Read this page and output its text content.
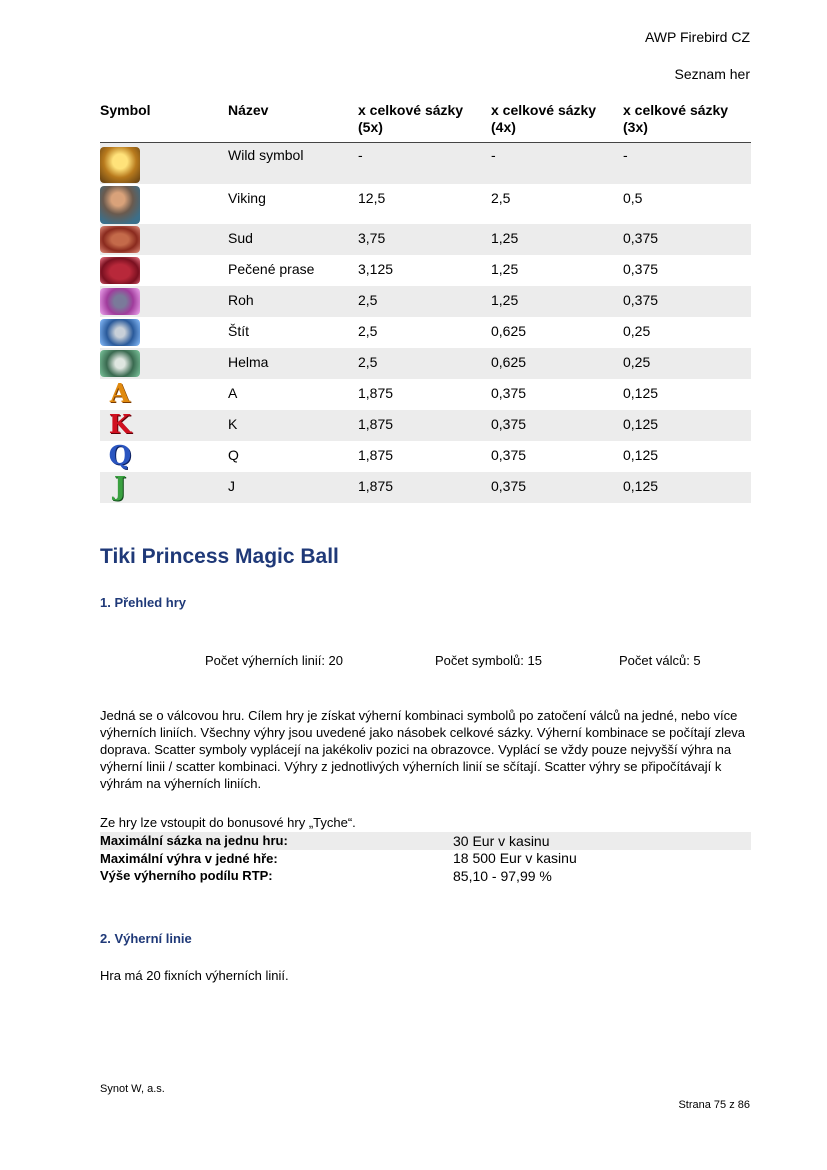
AWP Firebird CZ
Seznam her
Symbol	Název	x celkové sázky (5x)	x celkové sázky (4x)	x celkové sázky (3x)

	Wild symbol	-	-	-

	Viking	12,5	2,5	0,5

	Sud	3,75	1,25	0,375

	Pečené prase	3,125	1,25	0,375

	Roh	2,5	1,25	0,375

	Štít	2,5	0,625	0,25

	Helma	2,5	0,625	0,25

A	A	1,875	0,375	0,125

K	K	1,875	0,375	0,125

Q	Q	1,875	0,375	0,125

J	J	1,875	0,375	0,125
Tiki Princess Magic Ball
1. Přehled hry
Počet výherních linií: 20	Počet symbolů: 15	Počet válců: 5
Jedná se o válcovou hru. Cílem hry je získat výherní kombinaci symbolů po zatočení válců na jedné, nebo více výherních liniích. Všechny výhry jsou uvedené jako násobek celkové sázky. Výherní kombinace se počítají zleva doprava. Scatter symboly vyplácejí na jakékoliv pozici na obrazovce. Vyplácí se vždy pouze nejvyšší výhra na výherní linii / scatter kombinaci. Výhry z jednotlivých výherních linií se sčítají. Scatter výhry se připočítávají k výhrám na výherních liniích.
Ze hry lze vstoupit do bonusové hry „Tyche“.
Maximální sázka na jednu hru:	30 Eur v kasinu
Maximální výhra v jedné hře:	18 500 Eur v kasinu
Výše výherního podílu RTP:	85,10 - 97,99 %
2. Výherní linie
Hra má 20 fixních výherních linií.
Synot W, a.s.
Strana 75 z 86
